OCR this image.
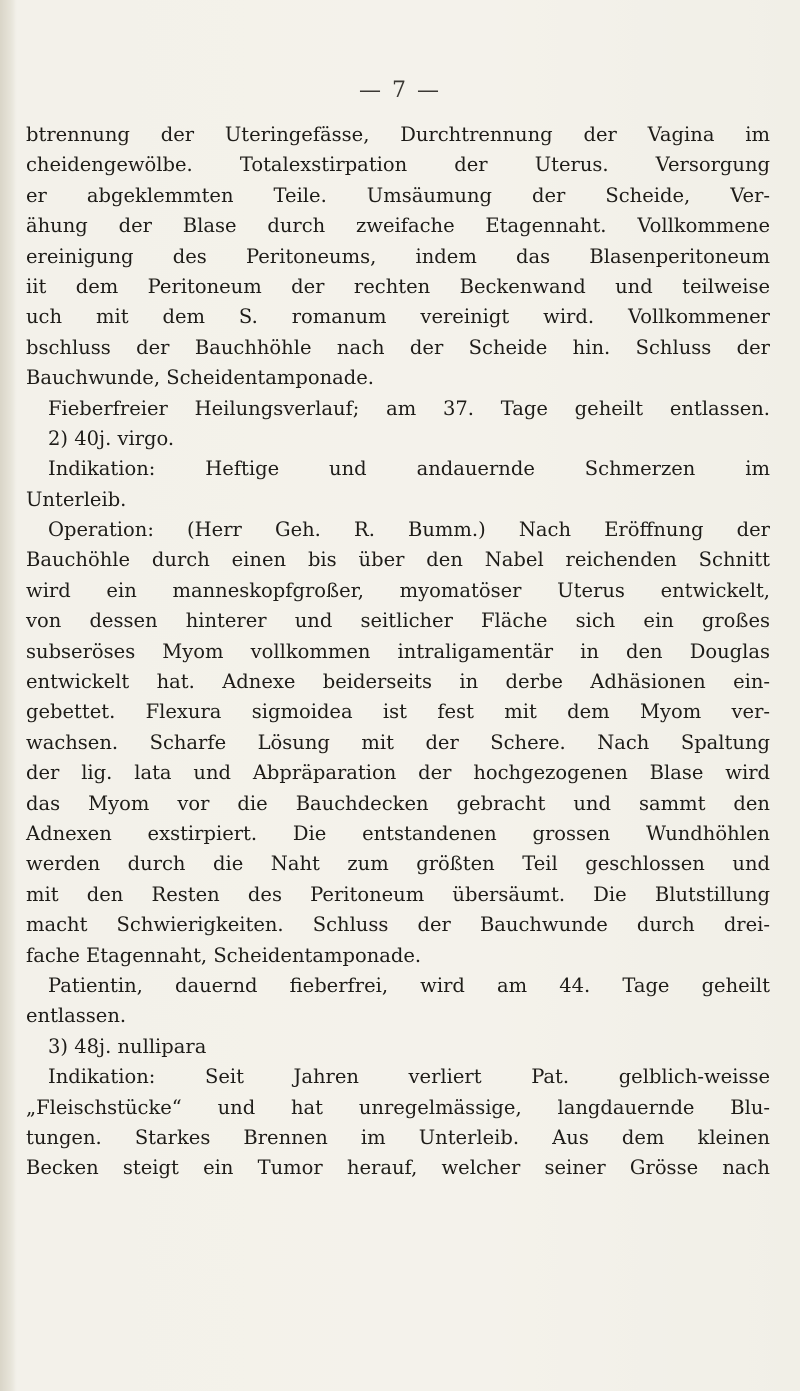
— 7 —
btrennung der Uteringefässe, Durchtrennung der Vagina im
cheidengewölbe. Totalexstirpation der Uterus. Versorgung
er abgeklemmten Teile. Umsäumung der Scheide, Ver-
ähung der Blase durch zweifache Etagennaht. Vollkommene
ereinigung des Peritoneums, indem das Blasenperitoneum
iit dem Peritoneum der rechten Beckenwand und teilweise
uch mit dem S. romanum vereinigt wird. Vollkommener
bschluss der Bauchhöhle nach der Scheide hin. Schluss der
Bauchwunde, Scheidentamponade.
Fieberfreier Heilungsverlauf; am 37. Tage geheilt entlassen.
2) 40j. virgo.
Indikation: Heftige und andauernde Schmerzen im
Unterleib.
Operation: (Herr Geh. R. Bumm.) Nach Eröffnung der
Bauchöhle durch einen bis über den Nabel reichenden Schnitt
wird ein manneskopfgroßer, myomatöser Uterus entwickelt,
von dessen hinterer und seitlicher Fläche sich ein großes
subseröses Myom vollkommen intraligamentär in den Douglas
entwickelt hat. Adnexe beiderseits in derbe Adhäsionen ein-
gebettet. Flexura sigmoidea ist fest mit dem Myom ver-
wachsen. Scharfe Lösung mit der Schere. Nach Spaltung
der lig. lata und Abpräparation der hochgezogenen Blase wird
das Myom vor die Bauchdecken gebracht und sammt den
Adnexen exstirpiert. Die entstandenen grossen Wundhöhlen
werden durch die Naht zum größten Teil geschlossen und
mit den Resten des Peritoneum übersäumt. Die Blutstillung
macht Schwierigkeiten. Schluss der Bauchwunde durch drei-
fache Etagennaht, Scheidentamponade.
Patientin, dauernd fieberfrei, wird am 44. Tage geheilt
entlassen.
3) 48j. nullipara
Indikation: Seit Jahren verliert Pat. gelblich-weisse
„Fleischstücke“ und hat unregelmässige, langdauernde Blu-
tungen. Starkes Brennen im Unterleib. Aus dem kleinen
Becken steigt ein Tumor herauf, welcher seiner Grösse nach
